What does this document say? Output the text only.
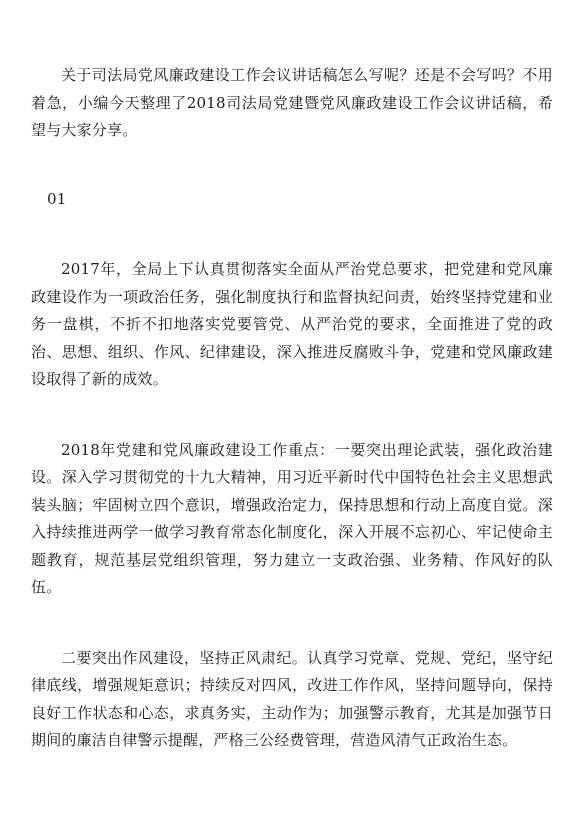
关于司法局党风廉政建设工作会议讲话稿怎么写呢？还是不会写吗？不用着急，小编今天整理了2018司法局党建暨党风廉政建设工作会议讲话稿，希望与大家分享。

01

2017年，全局上下认真贯彻落实全面从严治党总要求，把党建和党风廉政建设作为一项政治任务，强化制度执行和监督执纪问责，始终坚持党建和业务一盘棋，不折不扣地落实党要管党、从严治党的要求，全面推进了党的政治、思想、组织、作风、纪律建设，深入推进反腐败斗争，党建和党风廉政建设取得了新的成效。

2018年党建和党风廉政建设工作重点：一要突出理论武装，强化政治建设。深入学习贯彻党的十九大精神，用习近平新时代中国特色社会主义思想武装头脑；牢固树立四个意识，增强政治定力，保持思想和行动上高度自觉。深入持续推进两学一做学习教育常态化制度化，深入开展不忘初心、牢记使命主题教育，规范基层党组织管理，努力建立一支政治强、业务精、作风好的队伍。

二要突出作风建设，坚持正风肃纪。认真学习党章、党规、党纪，坚守纪律底线，增强规矩意识；持续反对四风，改进工作作风，坚持问题导向，保持良好工作状态和心态，求真务实，主动作为；加强警示教育，尤其是加强节日期间的廉洁自律警示提醒，严格三公经费管理，营造风清气正政治生态。
